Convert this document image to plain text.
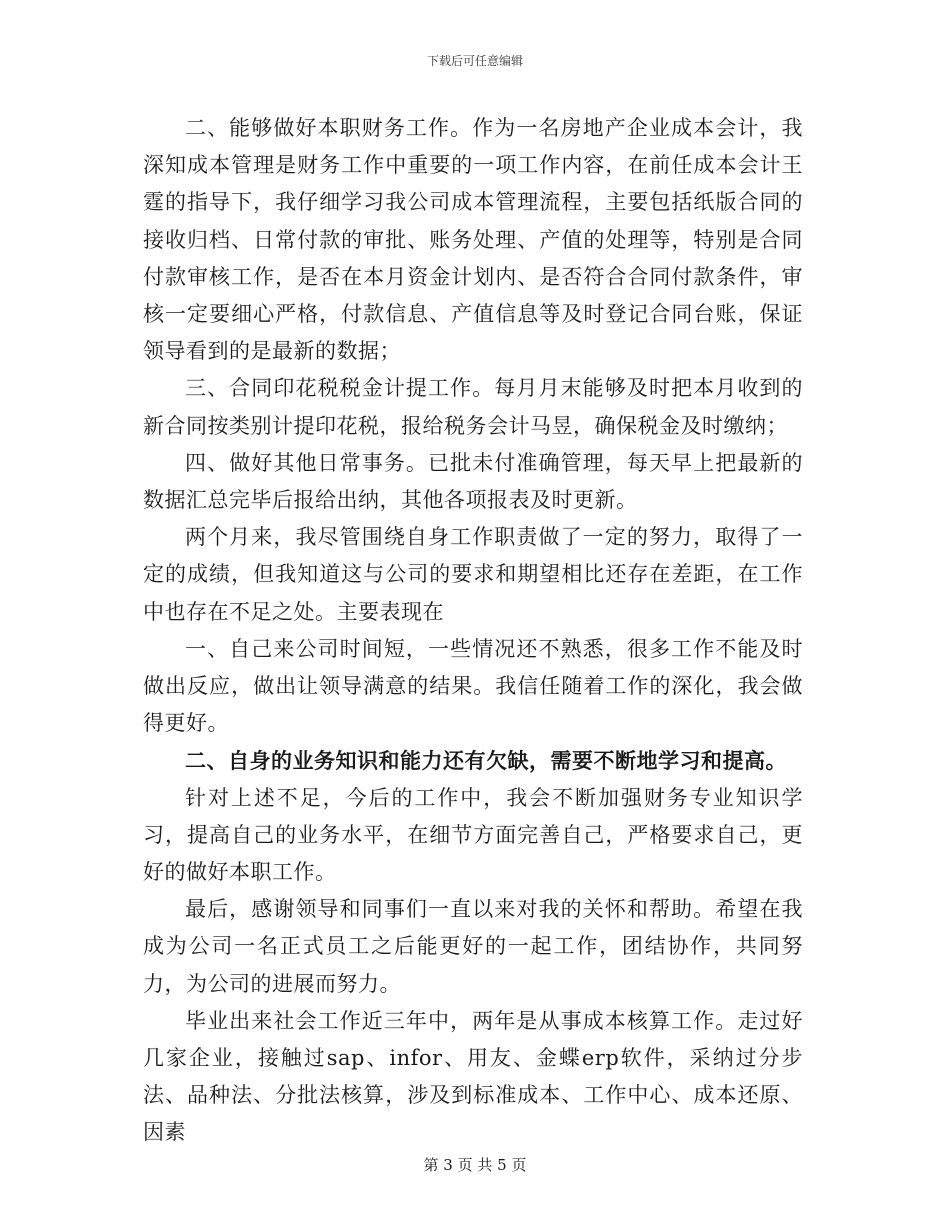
下载后可任意编辑

二、能够做好本职财务工作。作为一名房地产企业成本会计，我深知成本管理是财务工作中重要的一项工作内容，在前任成本会计王霆的指导下，我仔细学习我公司成本管理流程，主要包括纸版合同的接收归档、日常付款的审批、账务处理、产值的处理等，特别是合同付款审核工作，是否在本月资金计划内、是否符合合同付款条件，审核一定要细心严格，付款信息、产值信息等及时登记合同台账，保证领导看到的是最新的数据；

三、合同印花税税金计提工作。每月月末能够及时把本月收到的新合同按类别计提印花税，报给税务会计马昱，确保税金及时缴纳；

四、做好其他日常事务。已批未付准确管理，每天早上把最新的数据汇总完毕后报给出纳，其他各项报表及时更新。

两个月来，我尽管围绕自身工作职责做了一定的努力，取得了一定的成绩，但我知道这与公司的要求和期望相比还存在差距，在工作中也存在不足之处。主要表现在

一、自己来公司时间短，一些情况还不熟悉，很多工作不能及时做出反应，做出让领导满意的结果。我信任随着工作的深化，我会做得更好。

二、自身的业务知识和能力还有欠缺，需要不断地学习和提高。

针对上述不足，今后的工作中，我会不断加强财务专业知识学习，提高自己的业务水平，在细节方面完善自己，严格要求自己，更好的做好本职工作。

最后，感谢领导和同事们一直以来对我的关怀和帮助。希望在我成为公司一名正式员工之后能更好的一起工作，团结协作，共同努力，为公司的进展而努力。

毕业出来社会工作近三年中，两年是从事成本核算工作。走过好几家企业，接触过sap、infor、用友、金蝶erp软件，采纳过分步法、品种法、分批法核算，涉及到标准成本、工作中心、成本还原、因素

第 3 页 共 5 页
